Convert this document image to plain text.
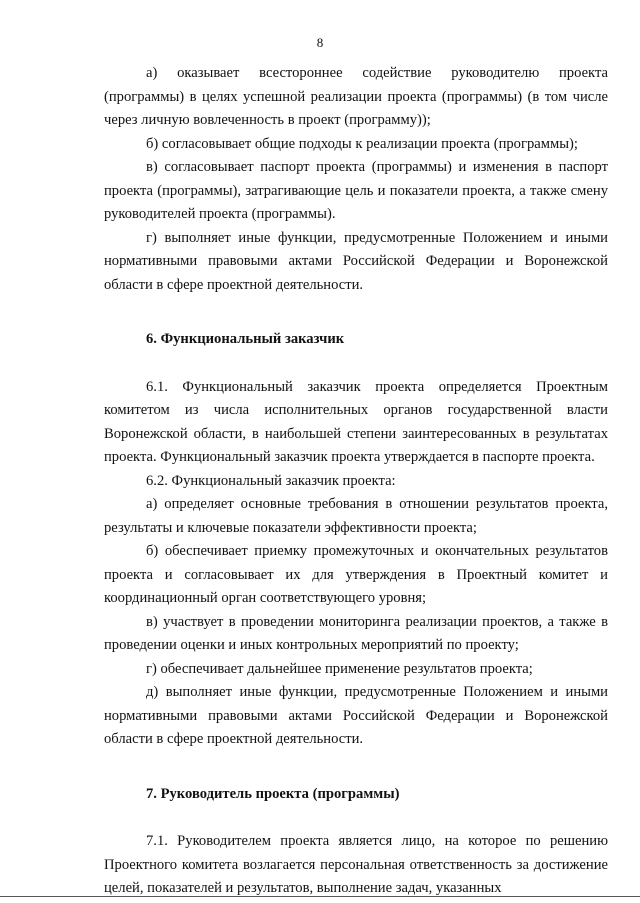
8

а) оказывает всестороннее содействие руководителю проекта (программы) в целях успешной реализации проекта (программы) (в том числе через личную вовлеченность в проект (программу));

б) согласовывает общие подходы к реализации проекта (программы);

в) согласовывает паспорт проекта (программы) и изменения в паспорт проекта (программы), затрагивающие цель и показатели проекта, а также смену руководителей проекта (программы).

г) выполняет иные функции, предусмотренные Положением и иными нормативными правовыми актами Российской Федерации и Воронежской области в сфере проектной деятельности.

6. Функциональный заказчик

6.1. Функциональный заказчик проекта определяется Проектным комитетом из числа исполнительных органов государственной власти Воронежской области, в наибольшей степени заинтересованных в результатах проекта. Функциональный заказчик проекта утверждается в паспорте проекта.

6.2. Функциональный заказчик проекта:

а) определяет основные требования в отношении результатов проекта, результаты и ключевые показатели эффективности проекта;

б) обеспечивает приемку промежуточных и окончательных результатов проекта и согласовывает их для утверждения в Проектный комитет и координационный орган соответствующего уровня;

в) участвует в проведении мониторинга реализации проектов, а также в проведении оценки и иных контрольных мероприятий по проекту;

г) обеспечивает дальнейшее применение результатов проекта;

д) выполняет иные функции, предусмотренные Положением и иными нормативными правовыми актами Российской Федерации и Воронежской области в сфере проектной деятельности.

7. Руководитель проекта (программы)

7.1. Руководителем проекта является лицо, на которое по решению Проектного комитета возлагается персональная ответственность за достижение целей, показателей и результатов, выполнение задач, указанных
